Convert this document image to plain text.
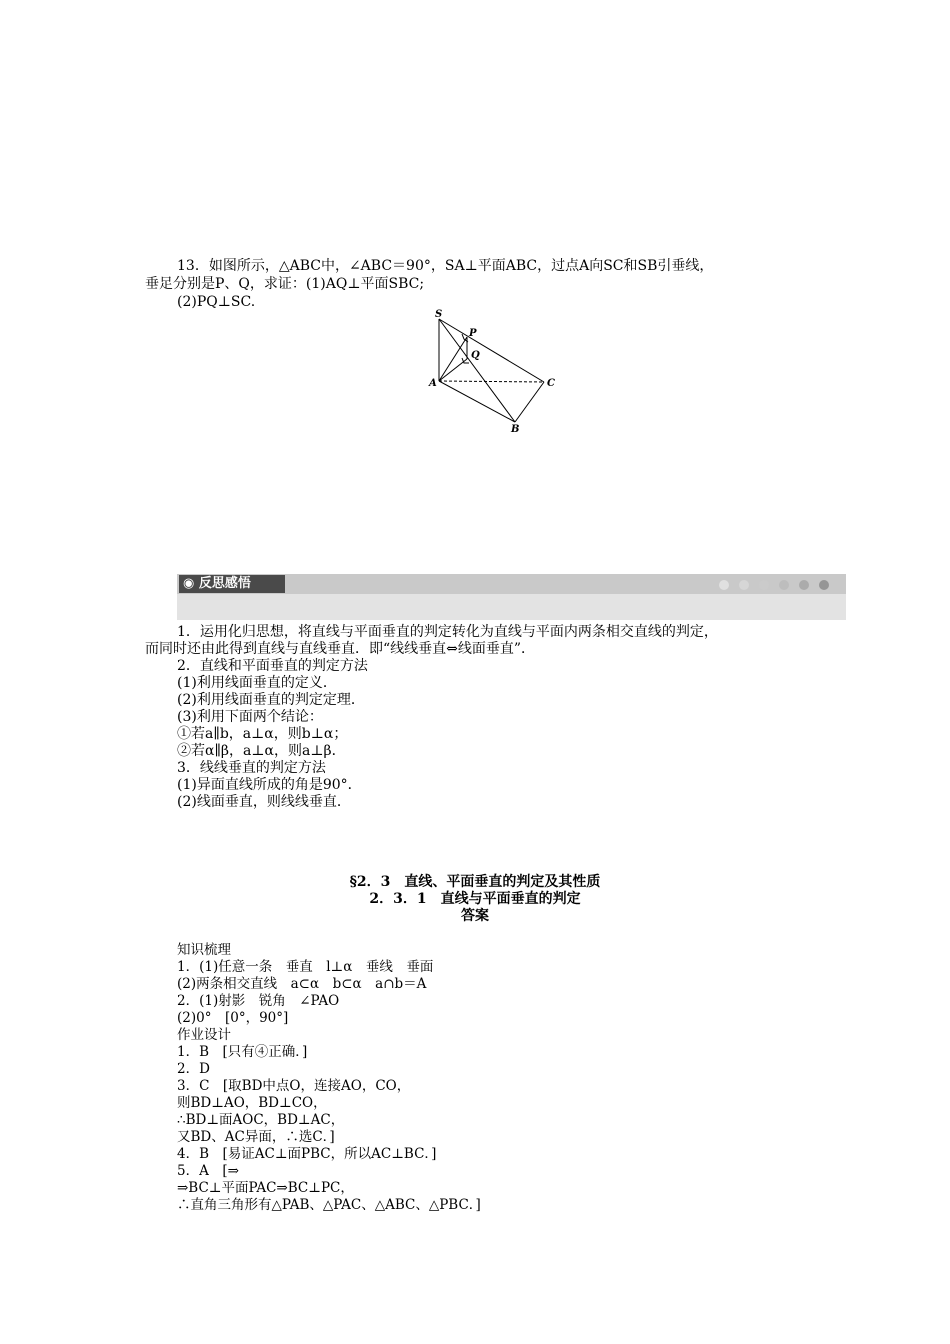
13．如图所示，△ABC中，∠ABC＝90°，SA⊥平面ABC，过点A向SC和SB引垂线，
垂足分别是P、Q，求证：(1)AQ⊥平面SBC;
(2)PQ⊥SC.
S
P
Q
A	C
B
◉ 反思感悟
1．运用化归思想，将直线与平面垂直的判定转化为直线与平面内两条相交直线的判定，
而同时还由此得到直线与直线垂直．即“线线垂直⇔线面垂直”．
2．直线和平面垂直的判定方法
(1)利用线面垂直的定义．
(2)利用线面垂直的判定定理．
(3)利用下面两个结论：
①若a∥b，a⊥α，则b⊥α；
②若α∥β，a⊥α，则a⊥β．
3．线线垂直的判定方法
(1)异面直线所成的角是90°．
(2)线面垂直，则线线垂直．
§2．3　直线、平面垂直的判定及其性质
2．3．1　直线与平面垂直的判定
答案
知识梳理
1．(1)任意一条　垂直　l⊥α　垂线　垂面
(2)两条相交直线　a⊂α　b⊂α　a∩b＝A
2．(1)射影　锐角　∠PAO
(2)0°　[0°，90°]
作业设计
1．B　[只有④正确．]
2．D
3．C　[取BD中点O，连接AO，CO，
则BD⊥AO，BD⊥CO，
∴BD⊥面AOC，BD⊥AC，
又BD、AC异面，∴选C．]
4．B　[易证AC⊥面PBC，所以AC⊥BC．]
5．A　[⇒
⇒BC⊥平面PAC⇒BC⊥PC，
∴直角三角形有△PAB、△PAC、△ABC、△PBC．]
